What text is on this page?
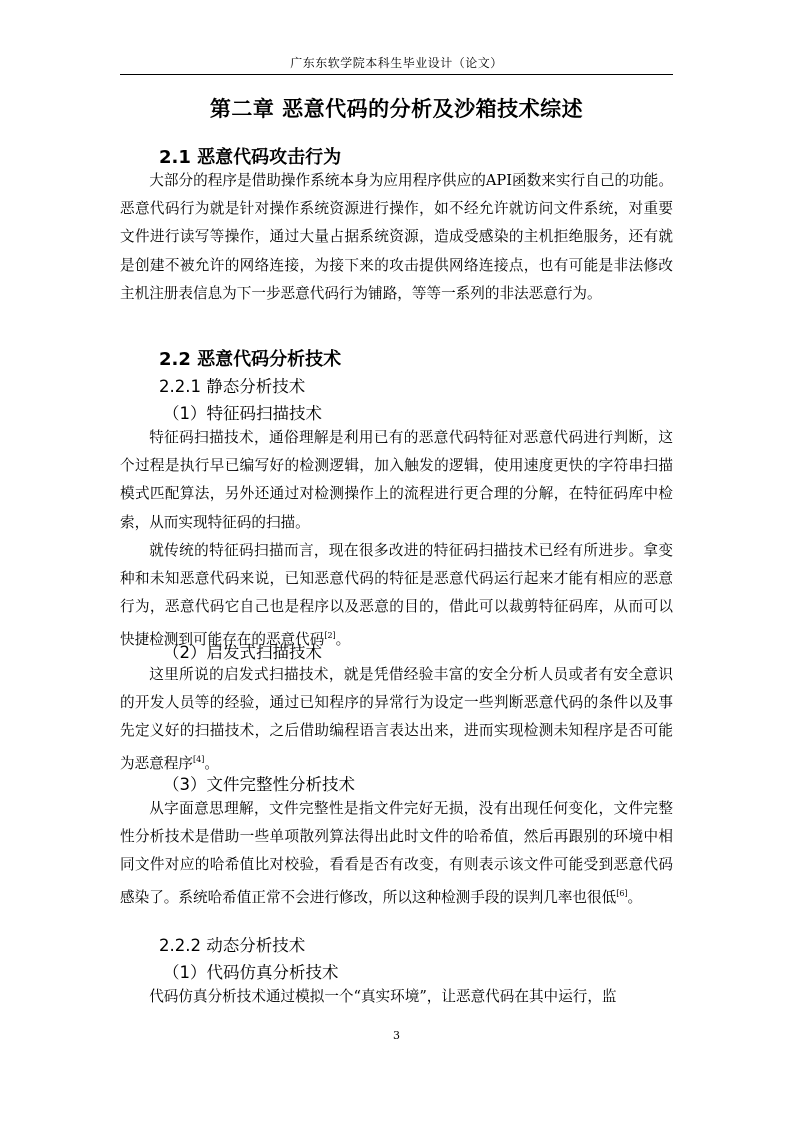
广东东软学院本科生毕业设计（论文）
第二章 恶意代码的分析及沙箱技术综述
2.1 恶意代码攻击行为

大部分的程序是借助操作系统本身为应用程序供应的API函数来实行自己的功能。恶意代码行为就是针对操作系统资源进行操作，如不经允许就访问文件系统，对重要文件进行读写等操作，通过大量占据系统资源，造成受感染的主机拒绝服务，还有就是创建不被允许的网络连接，为接下来的攻击提供网络连接点，也有可能是非法修改主机注册表信息为下一步恶意代码行为铺路，等等一系列的非法恶意行为。

2.2 恶意代码分析技术
2.2.1 静态分析技术
（1）特征码扫描技术

特征码扫描技术，通俗理解是利用已有的恶意代码特征对恶意代码进行判断，这个过程是执行早已编写好的检测逻辑，加入触发的逻辑，使用速度更快的字符串扫描模式匹配算法，另外还通过对检测操作上的流程进行更合理的分解，在特征码库中检索，从而实现特征码的扫描。

就传统的特征码扫描而言，现在很多改进的特征码扫描技术已经有所进步。拿变种和未知恶意代码来说，已知恶意代码的特征是恶意代码运行起来才能有相应的恶意行为，恶意代码它自己也是程序以及恶意的目的，借此可以裁剪特征码库，从而可以快捷检测到可能存在的恶意代码[2]。

（2）启发式扫描技术

这里所说的启发式扫描技术，就是凭借经验丰富的安全分析人员或者有安全意识的开发人员等的经验，通过已知程序的异常行为设定一些判断恶意代码的条件以及事先定义好的扫描技术，之后借助编程语言表达出来，进而实现检测未知程序是否可能为恶意程序[4]。

（3）文件完整性分析技术

从字面意思理解，文件完整性是指文件完好无损，没有出现任何变化，文件完整性分析技术是借助一些单项散列算法得出此时文件的哈希值，然后再跟别的环境中相同文件对应的哈希值比对校验，看看是否有改变，有则表示该文件可能受到恶意代码感染了。系统哈希值正常不会进行修改，所以这种检测手段的误判几率也很低[6]。

2.2.2 动态分析技术
（1）代码仿真分析技术

代码仿真分析技术通过模拟一个“真实环境”，让恶意代码在其中运行，监

3
